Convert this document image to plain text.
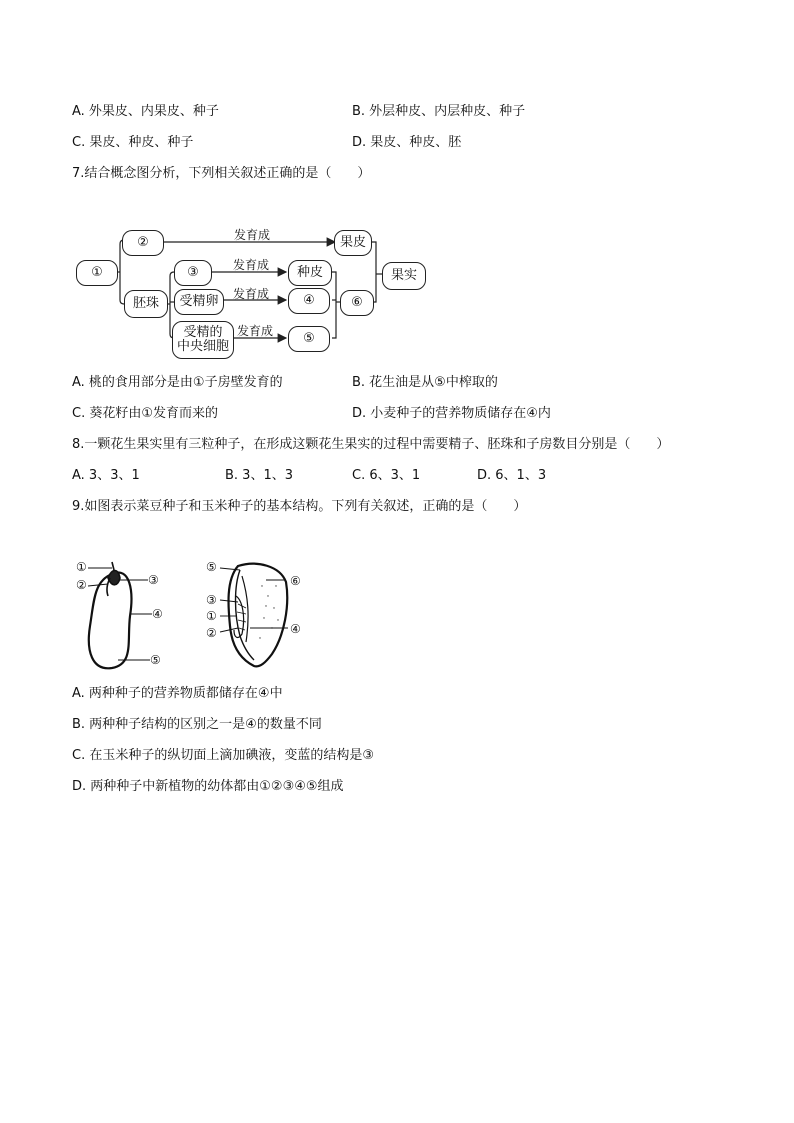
A. 外果皮、内果皮、种子	B. 外层种皮、内层种皮、种子
C. 果皮、种皮、种子	D. 果皮、种皮、胚
7.结合概念图分析，下列相关叙述正确的是（　　）
①
②
胚珠
③
受精卵
受精的
中央细胞
果皮
种皮
④
⑤
⑥
果实
发育成
发育成
发育成
发育成
A. 桃的食用部分是由①子房壁发育的	B. 花生油是从⑤中榨取的
C. 葵花籽由①发育而来的	D. 小麦种子的营养物质储存在④内
8.一颗花生果实里有三粒种子，在形成这颗花生果实的过程中需要精子、胚珠和子房数目分别是（　　）
A. 3、3、1	B. 3、1、3	C. 6、3、1	D. 6、1、3
9.如图表示菜豆种子和玉米种子的基本结构。下列有关叙述，正确的是（　　）
①
②	③
④
⑤
⑤
⑥
③
①
②	④
A. 两种种子的营养物质都储存在④中
B. 两种种子结构的区别之一是④的数量不同
C. 在玉米种子的纵切面上滴加碘液，变蓝的结构是③
D. 两种种子中新植物的幼体都由①②③④⑤组成
